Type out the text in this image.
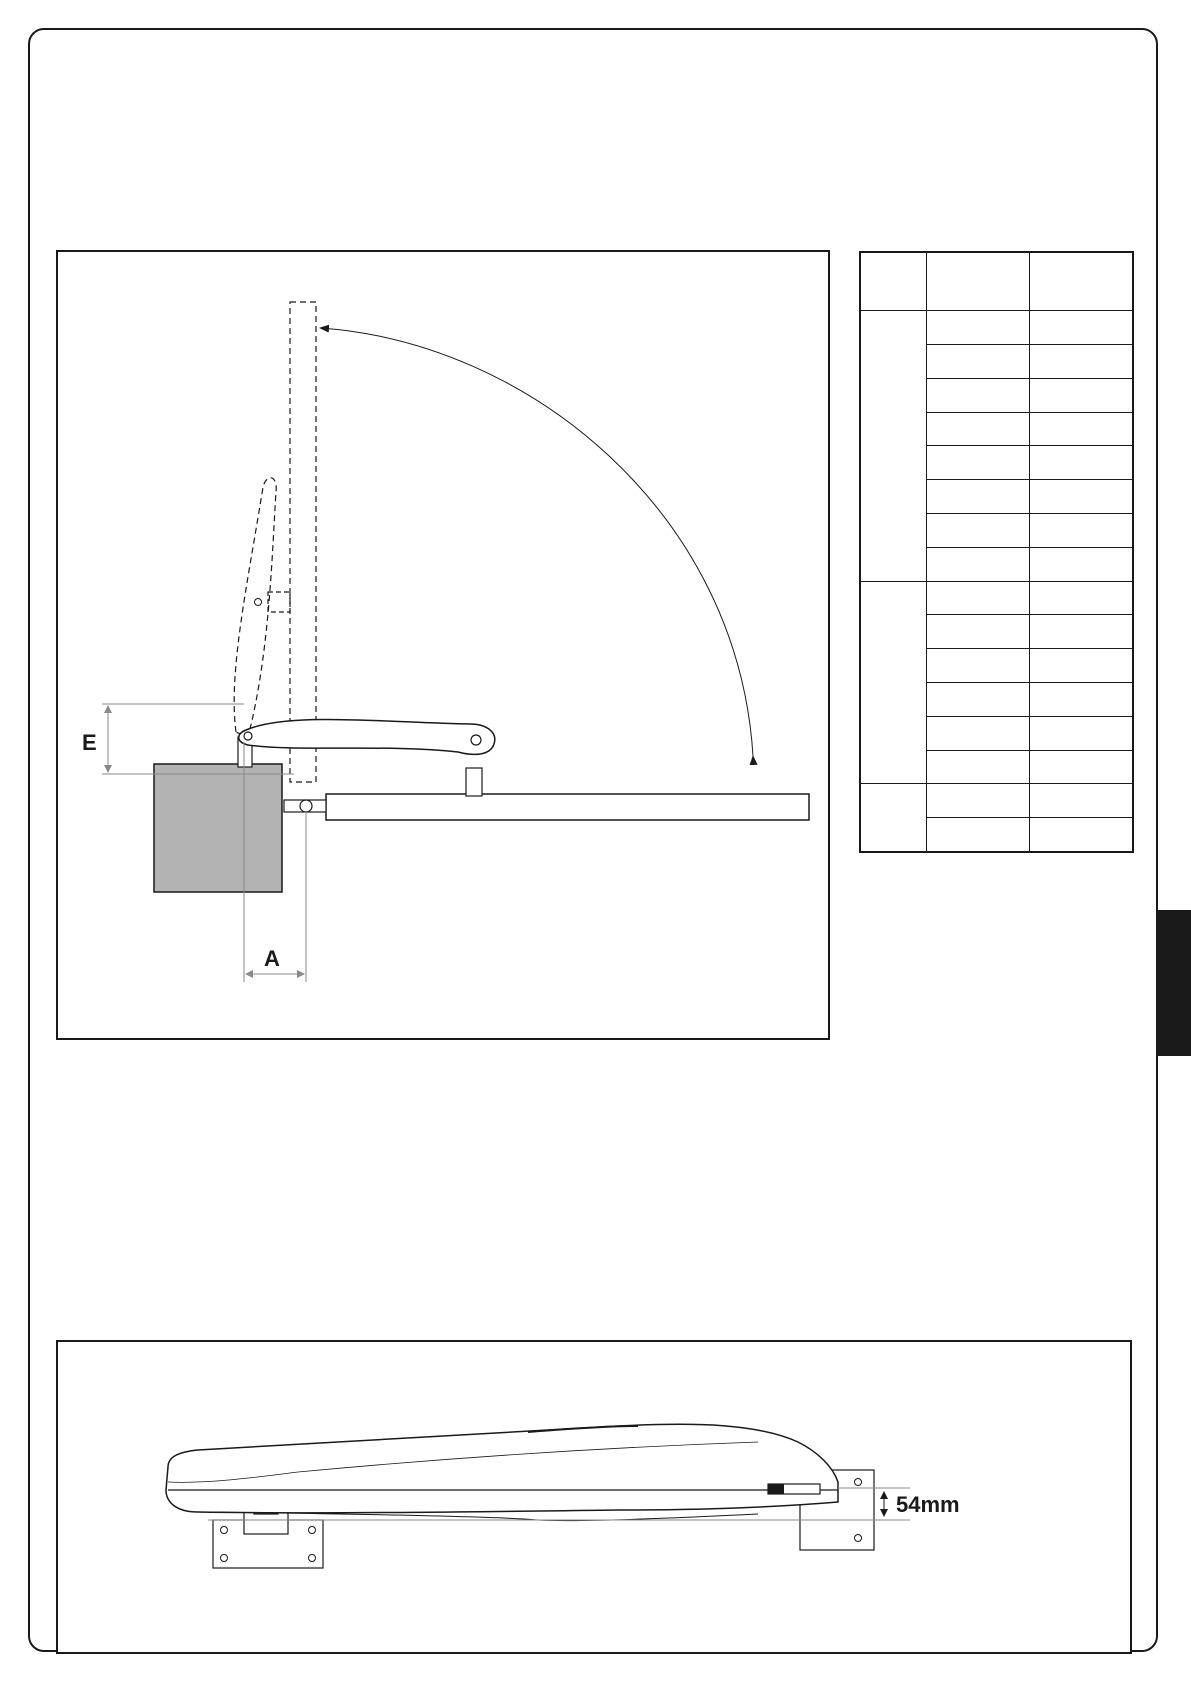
E
A

54mm
